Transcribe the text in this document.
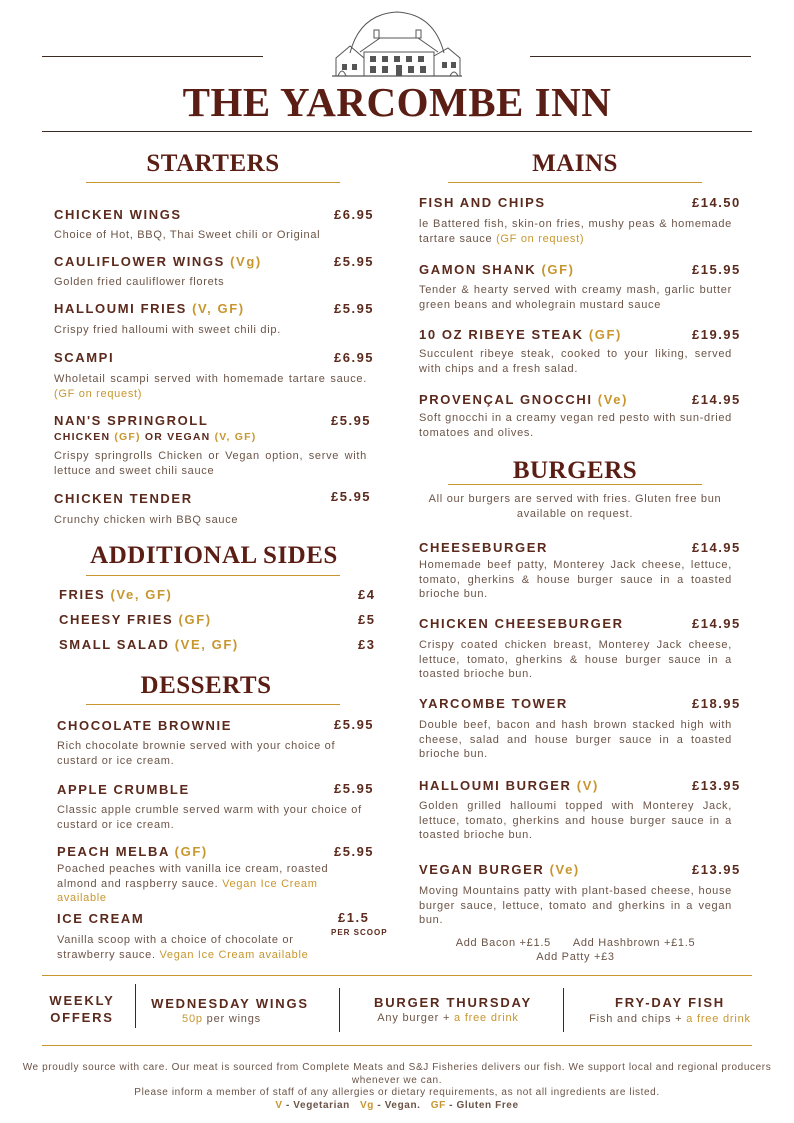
THE YARCOMBE INN
STARTERS
CHICKEN WINGS	£6.95
Choice of Hot, BBQ, Thai Sweet chili or Original
CAULIFLOWER WINGS (Vg)	£5.95
Golden fried cauliflower florets
HALLOUMI FRIES (V, GF)	£5.95
Crispy fried halloumi with sweet chili dip.
SCAMPI	£6.95
Wholetail scampi served with homemade tartare sauce. (GF on request)
NAN'S SPRINGROLL	£5.95
CHICKEN (GF) OR VEGAN (V, GF)
Crispy springrolls Chicken or Vegan option, serve with lettuce and sweet chili sauce
CHICKEN TENDER	£5.95
Crunchy chicken wirh BBQ sauce
ADDITIONAL SIDES
FRIES (Ve, GF)	£4
CHEESY FRIES (GF)	£5
SMALL SALAD (VE, GF)	£3
DESSERTS
CHOCOLATE BROWNIE	£5.95
Rich chocolate brownie served with your choice of custard or ice cream.
APPLE CRUMBLE	£5.95
Classic apple crumble served warm with your choice of custard or ice cream.
PEACH MELBA (GF)	£5.95
Poached peaches with vanilla ice cream, roasted almond and raspberry sauce. Vegan Ice Cream available
ICE CREAM	£1.5
PER SCOOP
Vanilla scoop with a choice of chocolate or strawberry sauce. Vegan Ice Cream available
MAINS
FISH AND CHIPS	£14.50
le Battered fish, skin-on fries, mushy peas & homemade tartare sauce (GF on request)
GAMON SHANK (GF)	£15.95
Tender & hearty served with creamy mash, garlic butter green beans and wholegrain mustard sauce
10 OZ RIBEYE STEAK (GF)	£19.95
Succulent ribeye steak, cooked to your liking, served with chips and a fresh salad.
PROVENÇAL GNOCCHI (Ve)	£14.95
Soft gnocchi in a creamy vegan red pesto with sun-dried tomatoes and olives.
BURGERS
All our burgers are served with fries. Gluten free bun available on request.
CHEESEBURGER	£14.95
Homemade beef patty, Monterey Jack cheese, lettuce, tomato, gherkins & house burger sauce in a toasted brioche bun.
CHICKEN CHEESEBURGER	£14.95
Crispy coated chicken breast, Monterey Jack cheese, lettuce, tomato, gherkins & house burger sauce in a toasted brioche bun.
YARCOMBE TOWER	£18.95
Double beef, bacon and hash brown stacked high with cheese, salad and house burger sauce in a toasted brioche bun.
HALLOUMI BURGER (V)	£13.95
Golden grilled halloumi topped with Monterey Jack, lettuce, tomato, gherkins and house burger sauce in a toasted brioche bun.
VEGAN BURGER (Ve)	£13.95
Moving Mountains patty with plant-based cheese, house burger sauce, lettuce, tomato and gherkins in a vegan bun.
Add Bacon +£1.5      Add Hashbrown +£1.5
Add Patty +£3
WEEKLY
OFFERS
WEDNESDAY WINGS
50p per wings
BURGER THURSDAY
Any burger + a free drink
FRY-DAY FISH
Fish and chips + a free drink
We proudly source with care. Our meat is sourced from Complete Meats and S&J Fisheries delivers our fish. We support local and regional producers whenever we can.
Please inform a member of staff of any allergies or dietary requirements, as not all ingredients are listed.
V - Vegetarian   Vg - Vegan.   GF - Gluten Free
